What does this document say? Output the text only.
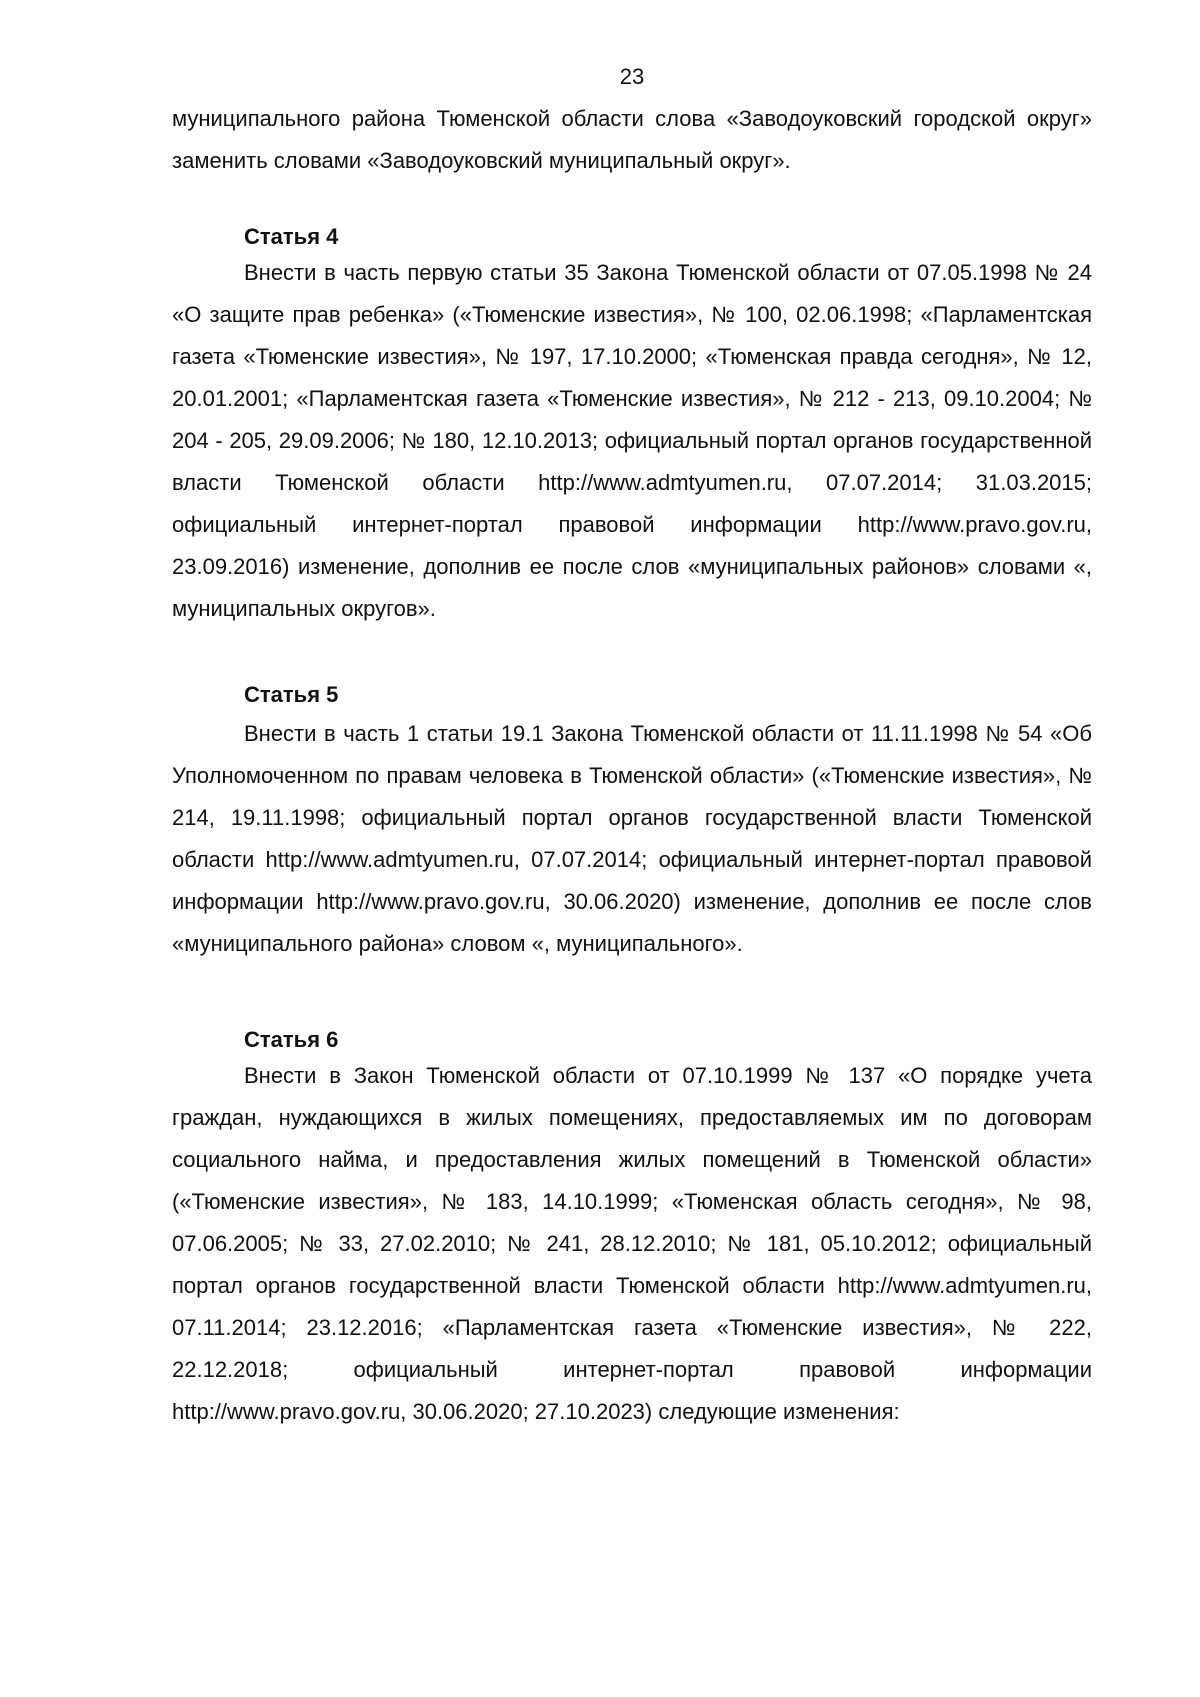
23

муниципального района Тюменской области слова «Заводоуковский городской округ» заменить словами «Заводоуковский муниципальный округ».

Статья 4

Внести в часть первую статьи 35 Закона Тюменской области от 07.05.1998 № 24 «О защите прав ребенка» («Тюменские известия», № 100, 02.06.1998; «Парламентская газета «Тюменские известия», № 197, 17.10.2000; «Тюменская правда сегодня», № 12, 20.01.2001; «Парламентская газета «Тюменские известия», № 212 - 213, 09.10.2004; № 204 - 205, 29.09.2006; № 180, 12.10.2013; официальный портал органов государственной власти Тюменской области http://www.admtyumen.ru, 07.07.2014; 31.03.2015; официальный интернет-портал правовой информации http://www.pravo.gov.ru, 23.09.2016) изменение, дополнив ее после слов «муниципальных районов» словами «, муниципальных округов».

Статья 5

Внести в часть 1 статьи 19.1 Закона Тюменской области от 11.11.1998 № 54 «Об Уполномоченном по правам человека в Тюменской области» («Тюменские известия», № 214, 19.11.1998; официальный портал органов государственной власти Тюменской области http://www.admtyumen.ru, 07.07.2014; официальный интернет-портал правовой информации http://www.pravo.gov.ru, 30.06.2020) изменение, дополнив ее после слов «муниципального района» словом «, муниципального».

Статья 6

Внести в Закон Тюменской области от 07.10.1999 № 137 «О порядке учета граждан, нуждающихся в жилых помещениях, предоставляемых им по договорам социального найма, и предоставления жилых помещений в Тюменской области» («Тюменские известия», № 183, 14.10.1999; «Тюменская область сегодня», № 98, 07.06.2005; № 33, 27.02.2010; № 241, 28.12.2010; № 181, 05.10.2012; официальный портал органов государственной власти Тюменской области http://www.admtyumen.ru, 07.11.2014; 23.12.2016; «Парламентская газета «Тюменские известия», № 222, 22.12.2018; официальный интернет-портал правовой информации http://www.pravo.gov.ru, 30.06.2020; 27.10.2023) следующие изменения:
